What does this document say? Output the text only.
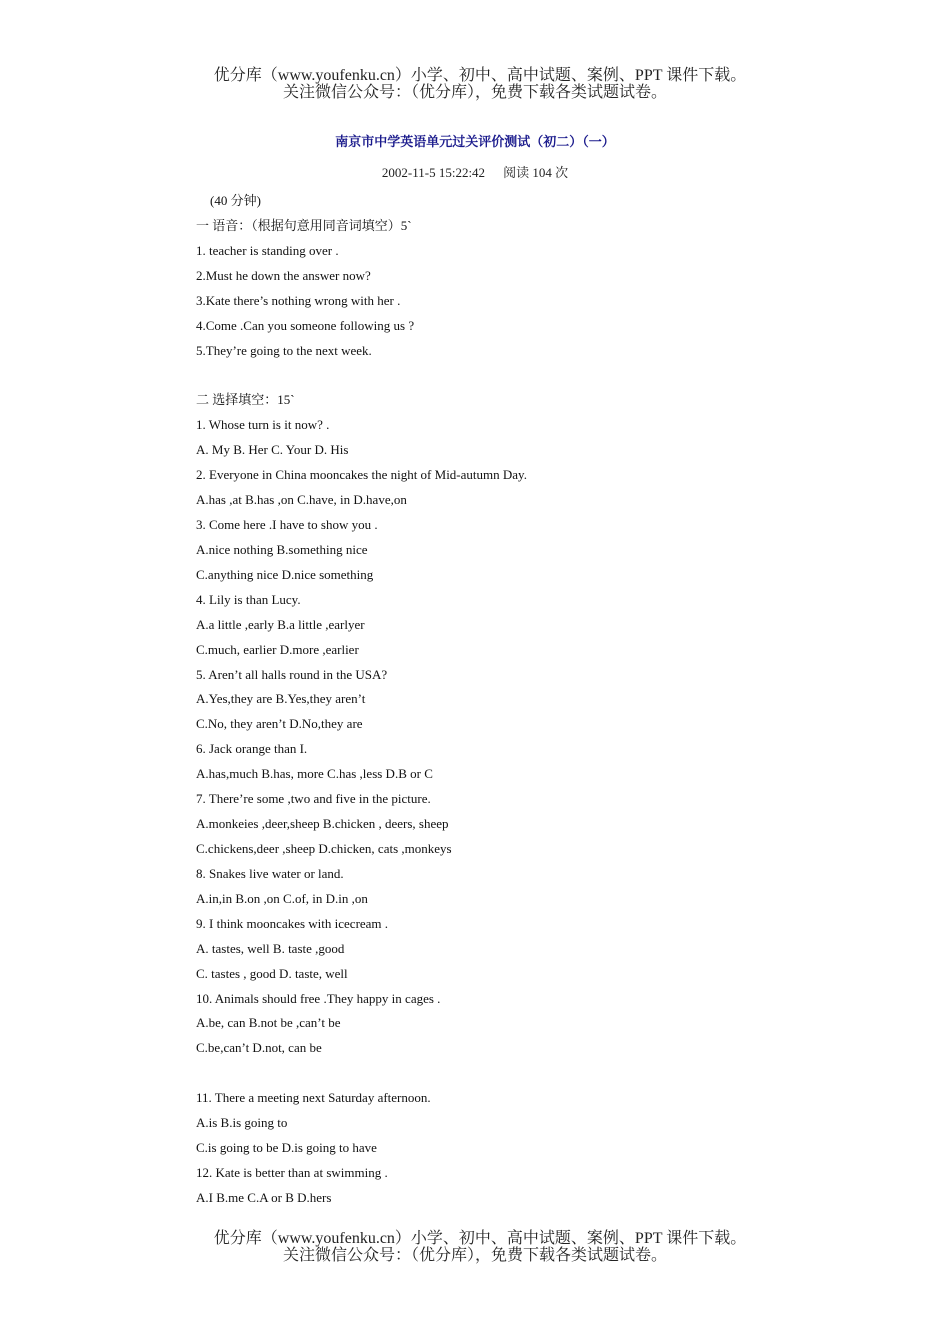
优分库（www.youfenku.cn）小学、初中、高中试题、案例、PPT 课件下载。
关注微信公众号：（优分库），免费下载各类试题试卷。
南京市中学英语单元过关评价测试（初二）（一）
2002-11-5 15:22:42 阅读 104 次
(40 分钟)
一 语音：（根据句意用同音词填空）5`
1. teacher is standing over .
2.Must he down the answer now?
3.Kate there’s nothing wrong with her .
4.Come .Can you someone following us ?
5.They’re going to the next week.
二 选择填空：15`
1. Whose turn is it now? .
A. My B. Her C. Your D. His
2. Everyone in China mooncakes the night of Mid-autumn Day.
A.has ,at B.has ,on C.have, in D.have,on
3. Come here .I have to show you .
A.nice nothing B.something nice
C.anything nice D.nice something
4. Lily is than Lucy.
A.a little ,early B.a little ,earlyer
C.much, earlier D.more ,earlier
5. Aren’t all halls round in the USA?
A.Yes,they are B.Yes,they aren’t
C.No, they aren’t D.No,they are
6. Jack orange than I.
A.has,much B.has, more C.has ,less D.B or C
7. There’re some ,two and five in the picture.
A.monkeies ,deer,sheep B.chicken , deers, sheep
C.chickens,deer ,sheep D.chicken, cats ,monkeys
8. Snakes live water or land.
A.in,in B.on ,on C.of, in D.in ,on
9. I think mooncakes with icecream .
A. tastes, well B. taste ,good
C. tastes , good D. taste, well
10. Animals should free .They happy in cages .
A.be, can B.not be ,can’t be
C.be,can’t D.not, can be
11. There a meeting next Saturday afternoon.
A.is B.is going to
C.is going to be D.is going to have
12. Kate is better than at swimming .
A.I B.me C.A or B D.hers
优分库（www.youfenku.cn）小学、初中、高中试题、案例、PPT 课件下载。
关注微信公众号：（优分库），免费下载各类试题试卷。
